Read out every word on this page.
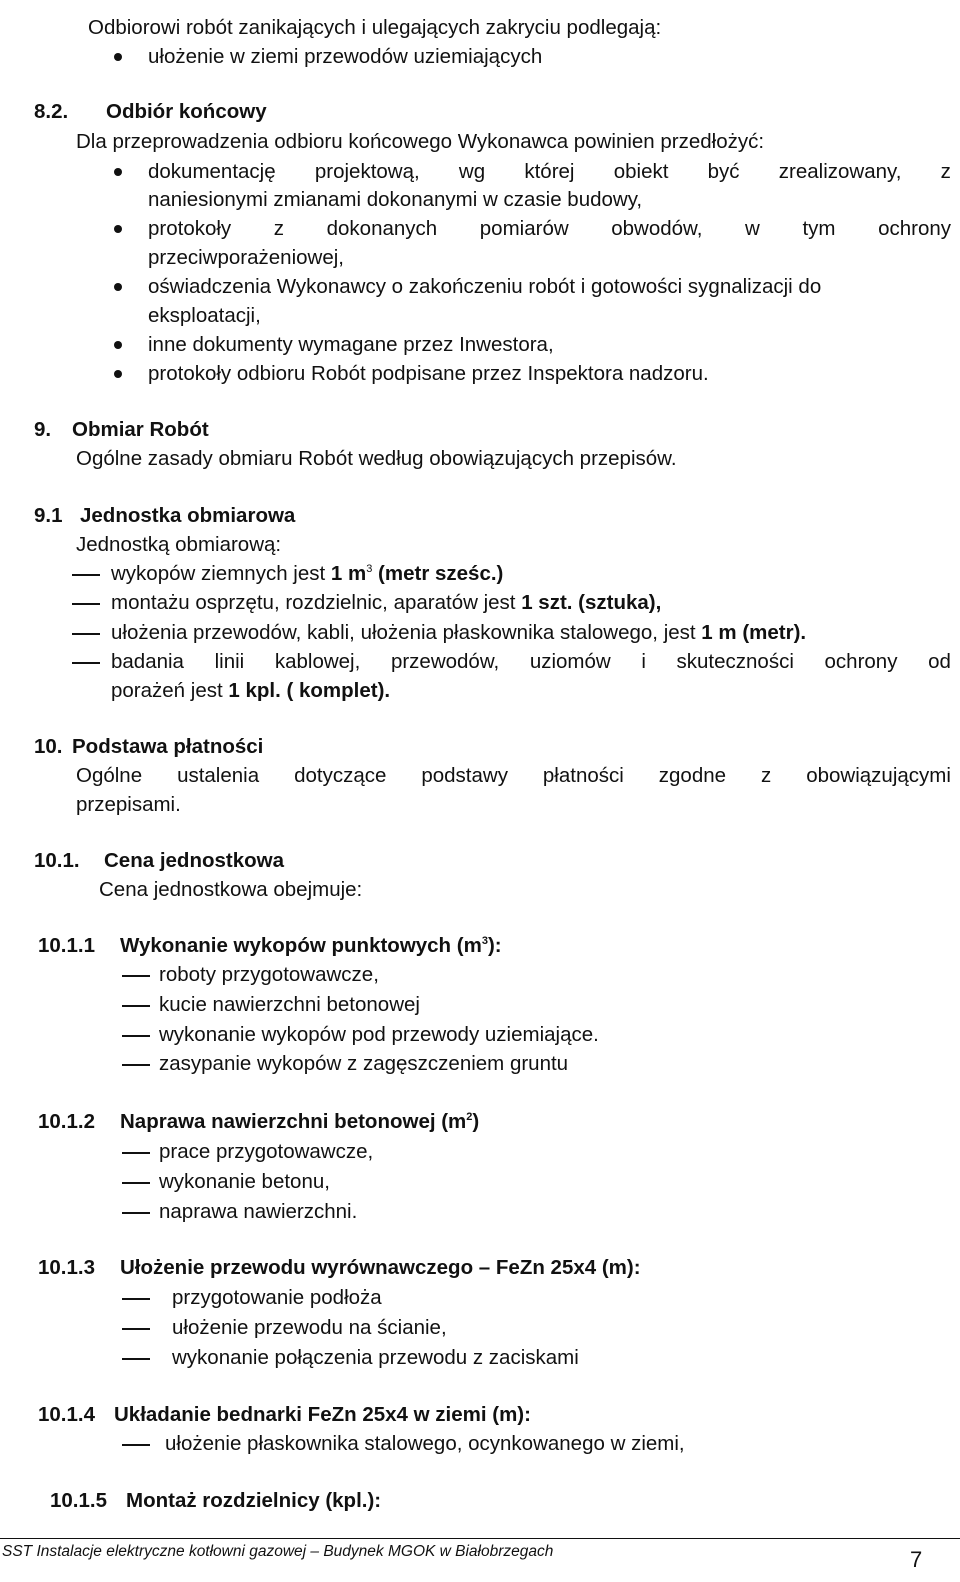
Odbiorowi robót zanikających i ulegających zakryciu podlegają:
ułożenie w ziemi przewodów uziemiających
8.2. Odbiór końcowy
Dla przeprowadzenia odbioru końcowego Wykonawca powinien przedłożyć:
dokumentację projektową, wg której obiekt być zrealizowany, z
naniesionymi zmianami dokonanymi w czasie budowy,
protokoły z dokonanych pomiarów obwodów, w tym ochrony
przeciwporażeniowej,
oświadczenia Wykonawcy o zakończeniu robót i gotowości sygnalizacji do
eksploatacji,
inne dokumenty wymagane przez Inwestora,
protokoły odbioru Robót podpisane przez Inspektora nadzoru.
9. Obmiar Robót
Ogólne zasady obmiaru Robót według obowiązujących przepisów.
9.1 Jednostka obmiarowa
Jednostką obmiarową:
wykopów ziemnych jest 1 $m^3$ (metr sześc.)
montażu osprzętu, rozdzielnic, aparatów jest 1 szt. (sztuka),
ułożenia przewodów, kabli, ułożenia płaskownika stalowego, jest 1 m (metr).
badania linii kablowej, przewodów, uziomów i skuteczności ochrony od
porażeń jest 1 kpl. ( komplet).
10. Podstawa płatności
Ogólne ustalenia dotyczące podstawy płatności zgodne z obowiązującymi
przepisami.
10.1. Cena jednostkowa
Cena jednostkowa obejmuje:
10.1.1 Wykonanie wykopów punktowych $(m^3)$:
roboty przygotowawcze,
kucie nawierzchni betonowej
wykonanie wykopów pod przewody uziemiające.
zasypanie wykopów z zagęszczeniem gruntu
10.1.2 Naprawa nawierzchni betonowej $(m^2)$
prace przygotowawcze,
wykonanie betonu,
naprawa nawierzchni.
10.1.3 Ułożenie przewodu wyrównawczego – FeZn 25x4 (m):
przygotowanie podłoża
ułożenie przewodu na ścianie,
wykonanie połączenia przewodu z zaciskami
10.1.4 Układanie bednarki FeZn 25x4 w ziemi (m):
ułożenie płaskownika stalowego, ocynkowanego w ziemi,
10.1.5 Montaż rozdzielnicy (kpl.):
SST Instalacje elektryczne kotłowni gazowej – Budynek MGOK w Białobrzegach	7
